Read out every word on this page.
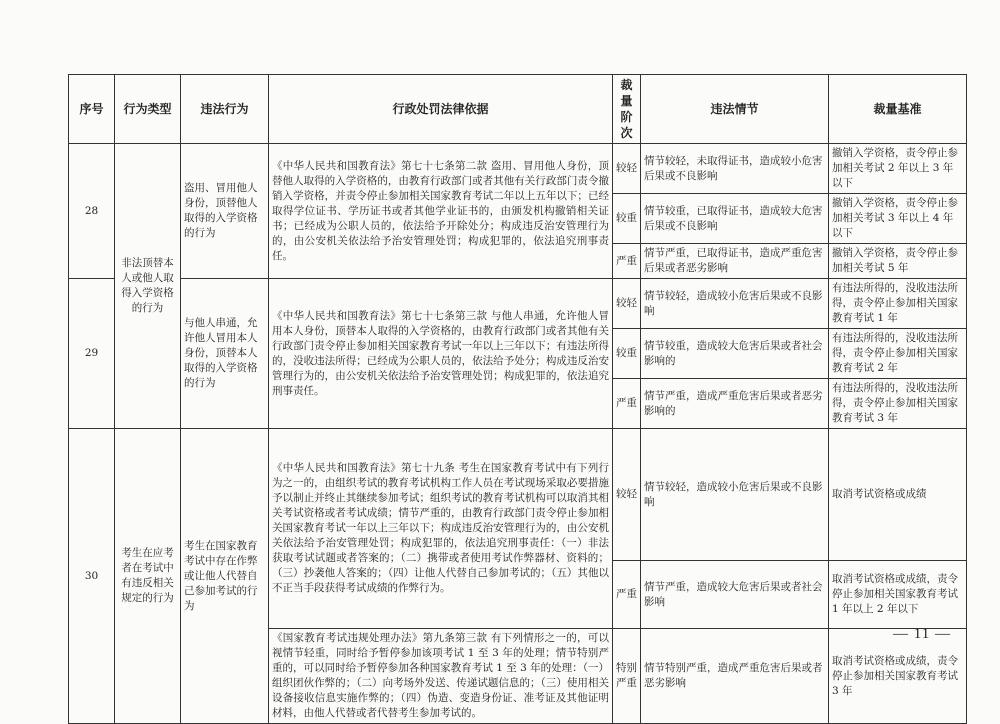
序号	行为类型	违法行为	行政处罚法律依据	裁量阶次	违法情节	裁量基准
28	非法顶替本人或他人取得入学资格的行为	盗用、冒用他人身份，顶替他人取得的入学资格的行为	《中华人民共和国教育法》第七十七条第二款 盗用、冒用他人身份，顶替他人取得的入学资格的，由教育行政部门或者其他有关行政部门责令撤销入学资格，并责令停止参加相关国家教育考试二年以上五年以下；已经取得学位证书、学历证书或者其他学业证书的，由颁发机构撤销相关证书；已经成为公职人员的，依法给予开除处分；构成违反治安管理行为的，由公安机关依法给予治安管理处罚；构成犯罪的，依法追究刑事责任。	较轻	情节较轻，未取得证书，造成较小危害后果或不良影响	撤销入学资格，责令停止参加相关考试 2 年以上 3 年以下
				较重	情节较重，已取得证书，造成较大危害后果或不良影响	撤销入学资格，责令停止参加相关考试 3 年以上 4 年以下
				严重	情节严重，已取得证书，造成严重危害后果或者恶劣影响	撤销入学资格，责令停止参加相关考试 5 年
29		与他人串通，允许他人冒用本人身份，顶替本人取得的入学资格的行为	《中华人民共和国教育法》第七十七条第三款 与他人串通，允许他人冒用本人身份，顶替本人取得的入学资格的，由教育行政部门或者其他有关行政部门责令停止参加相关国家教育考试一年以上三年以下；有违法所得的，没收违法所得；已经成为公职人员的，依法给予处分；构成违反治安管理行为的，由公安机关依法给予治安管理处罚；构成犯罪的，依法追究刑事责任。	较轻	情节较轻，造成较小危害后果或不良影响	有违法所得的，没收违法所得，责令停止参加相关国家教育考试 1 年
				较重	情节较重，造成较大危害后果或者社会影响的	有违法所得的，没收违法所得，责令停止参加相关国家教育考试 2 年
				严重	情节严重，造成严重危害后果或者恶劣影响的	有违法所得的，没收违法所得，责令停止参加相关国家教育考试 3 年
30	考生在应考者在考试中有违反相关规定的行为	考生在国家教育考试中存在作弊或让他人代替自己参加考试的行为	《中华人民共和国教育法》第七十九条 考生在国家教育考试中有下列行为之一的，由组织考试的教育考试机构工作人员在考试现场采取必要措施予以制止并终止其继续参加考试；组织考试的教育考试机构可以取消其相关考试资格或者考试成绩；情节严重的，由教育行政部门责令停止参加相关国家教育考试一年以上三年以下；构成违反治安管理行为的，由公安机关依法给予治安管理处罚；构成犯罪的，依法追究刑事责任：（一）非法获取考试试题或者答案的；（二）携带或者使用考试作弊器材、资料的；（三）抄袭他人答案的；（四）让他人代替自己参加考试的；（五）其他以不正当手段获得考试成绩的作弊行为。	较轻	情节较轻，造成较小危害后果或不良影响	取消考试资格或成绩
				严重	情节严重，造成较大危害后果或者社会影响	取消考试资格或成绩，责令停止参加相关国家教育考试 1 年以上 2 年以下
			《国家教育考试违规处理办法》第九条第三款 有下列情形之一的，可以视情节轻重，同时给予暂停参加该项考试 1 至 3 年的处理；情节特别严重的，可以同时给予暂停参加各种国家教育考试 1 至 3 年的处理：（一）组织团伙作弊的；（二）向考场外发送、传递试题信息的；（三）使用相关设备接收信息实施作弊的；（四）伪造、变造身份证、准考证及其他证明材料，由他人代替或者代替考生参加考试的。	特别严重	情节特别严重，造成严重危害后果或者恶劣影响	取消考试资格或成绩，责令停止参加相关国家教育考试 3 年
— 11 —
